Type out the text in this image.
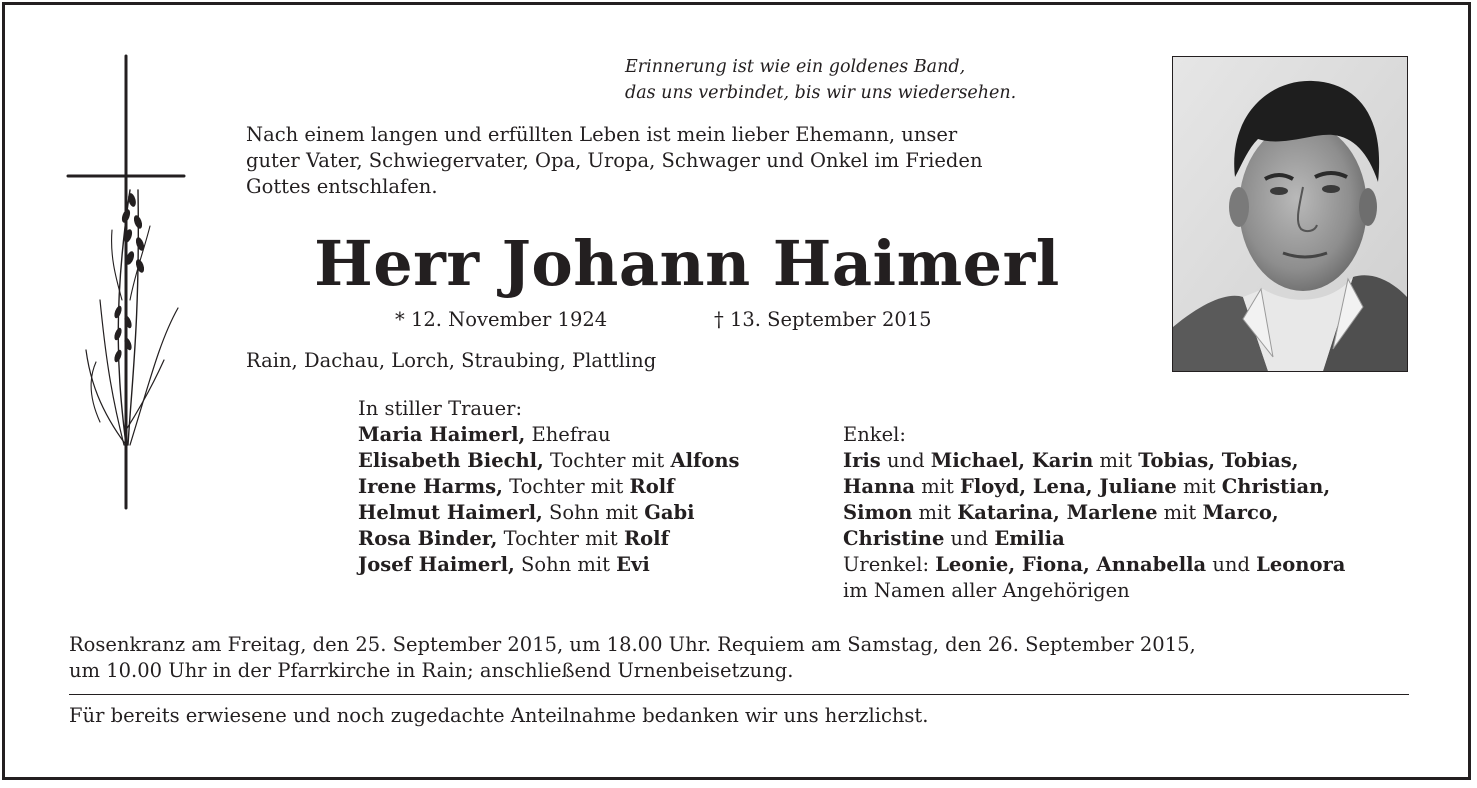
Erinnerung ist wie ein goldenes Band,
das uns verbindet, bis wir uns wiedersehen.
Nach einem langen und erfüllten Leben ist mein lieber Ehemann, unser
guter Vater, Schwiegervater, Opa, Uropa, Schwager und Onkel im Frieden
Gottes entschlafen.
Herr Johann Haimerl
* 12. November 1924	† 13. September 2015
Rain, Dachau, Lorch, Straubing, Plattling
In stiller Trauer:
Maria Haimerl, Ehefrau
Elisabeth Biechl, Tochter mit Alfons
Irene Harms, Tochter mit Rolf
Helmut Haimerl, Sohn mit Gabi
Rosa Binder, Tochter mit Rolf
Josef Haimerl, Sohn mit Evi
Enkel:
Iris und Michael, Karin mit Tobias, Tobias,
Hanna mit Floyd, Lena, Juliane mit Christian,
Simon mit Katarina, Marlene mit Marco,
Christine und Emilia
Urenkel: Leonie, Fiona, Annabella und Leonora
im Namen aller Angehörigen
Rosenkranz am Freitag, den 25. September 2015, um 18.00 Uhr. Requiem am Samstag, den 26. September 2015,
um 10.00 Uhr in der Pfarrkirche in Rain; anschließend Urnenbeisetzung.
Für bereits erwiesene und noch zugedachte Anteilnahme bedanken wir uns herzlichst.
